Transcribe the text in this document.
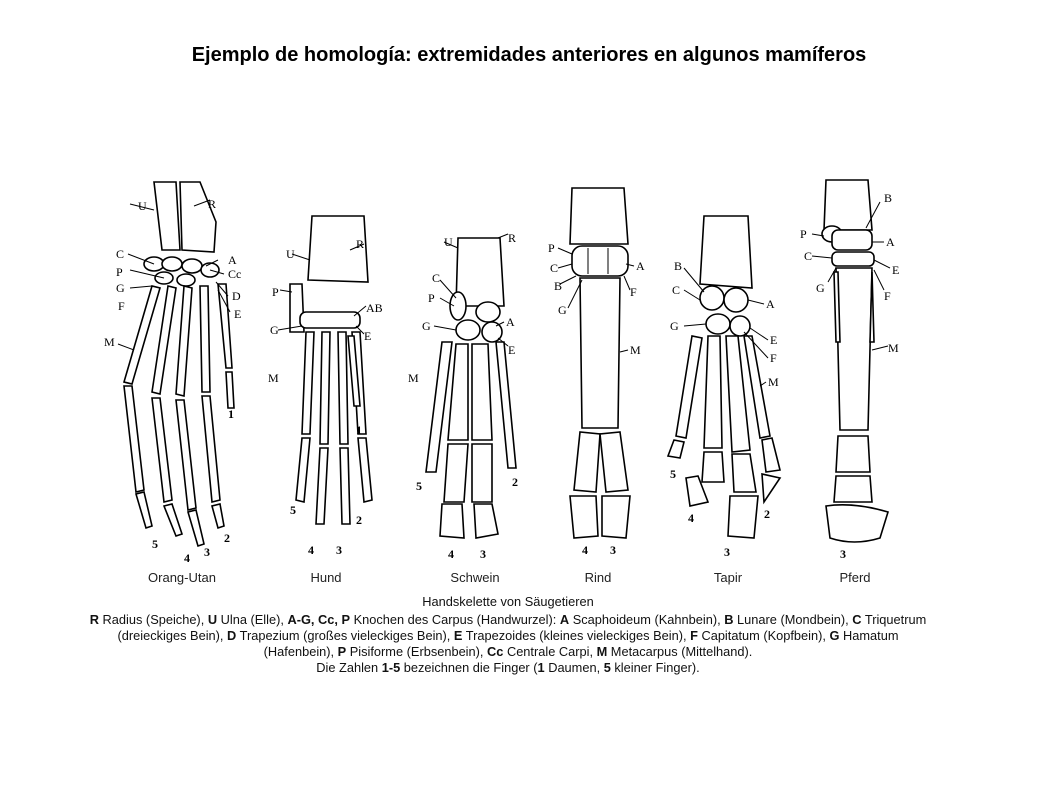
Ejemplo de homología: extremidades anteriores en algunos mamíferos
U	R
C	A
P	Cc
G
D
F
E
M
1
5
4 3
2
U
R
P
AB
G	E
M
1
5
4 3
2
U	R
C
P
A
G
E
M
5	2
4 3
P
C	A
B	F
G
M
4 3
B
C
A
G
E
F
M
5
4	2
3
B
P
A
C
E
G
F
M
3
Orang-Utan	Hund	Schwein	Rind	Tapir	Pferd
Handskelette von Säugetieren
R Radius (Speiche), U Ulna (Elle), A-G, Cc, P Knochen des Carpus (Handwurzel): A Scaphoideum (Kahnbein), B Lunare (Mondbein), C Triquetrum (dreieckiges Bein), D Trapezium (großes vieleckiges Bein), E Trapezoides (kleines vieleckiges Bein), F Capitatum (Kopfbein), G Hamatum (Hafenbein), P Pisiforme (Erbsenbein), Cc Centrale Carpi, M Metacarpus (Mittelhand).
Die Zahlen 1-5 bezeichnen die Finger (1 Daumen, 5 kleiner Finger).
